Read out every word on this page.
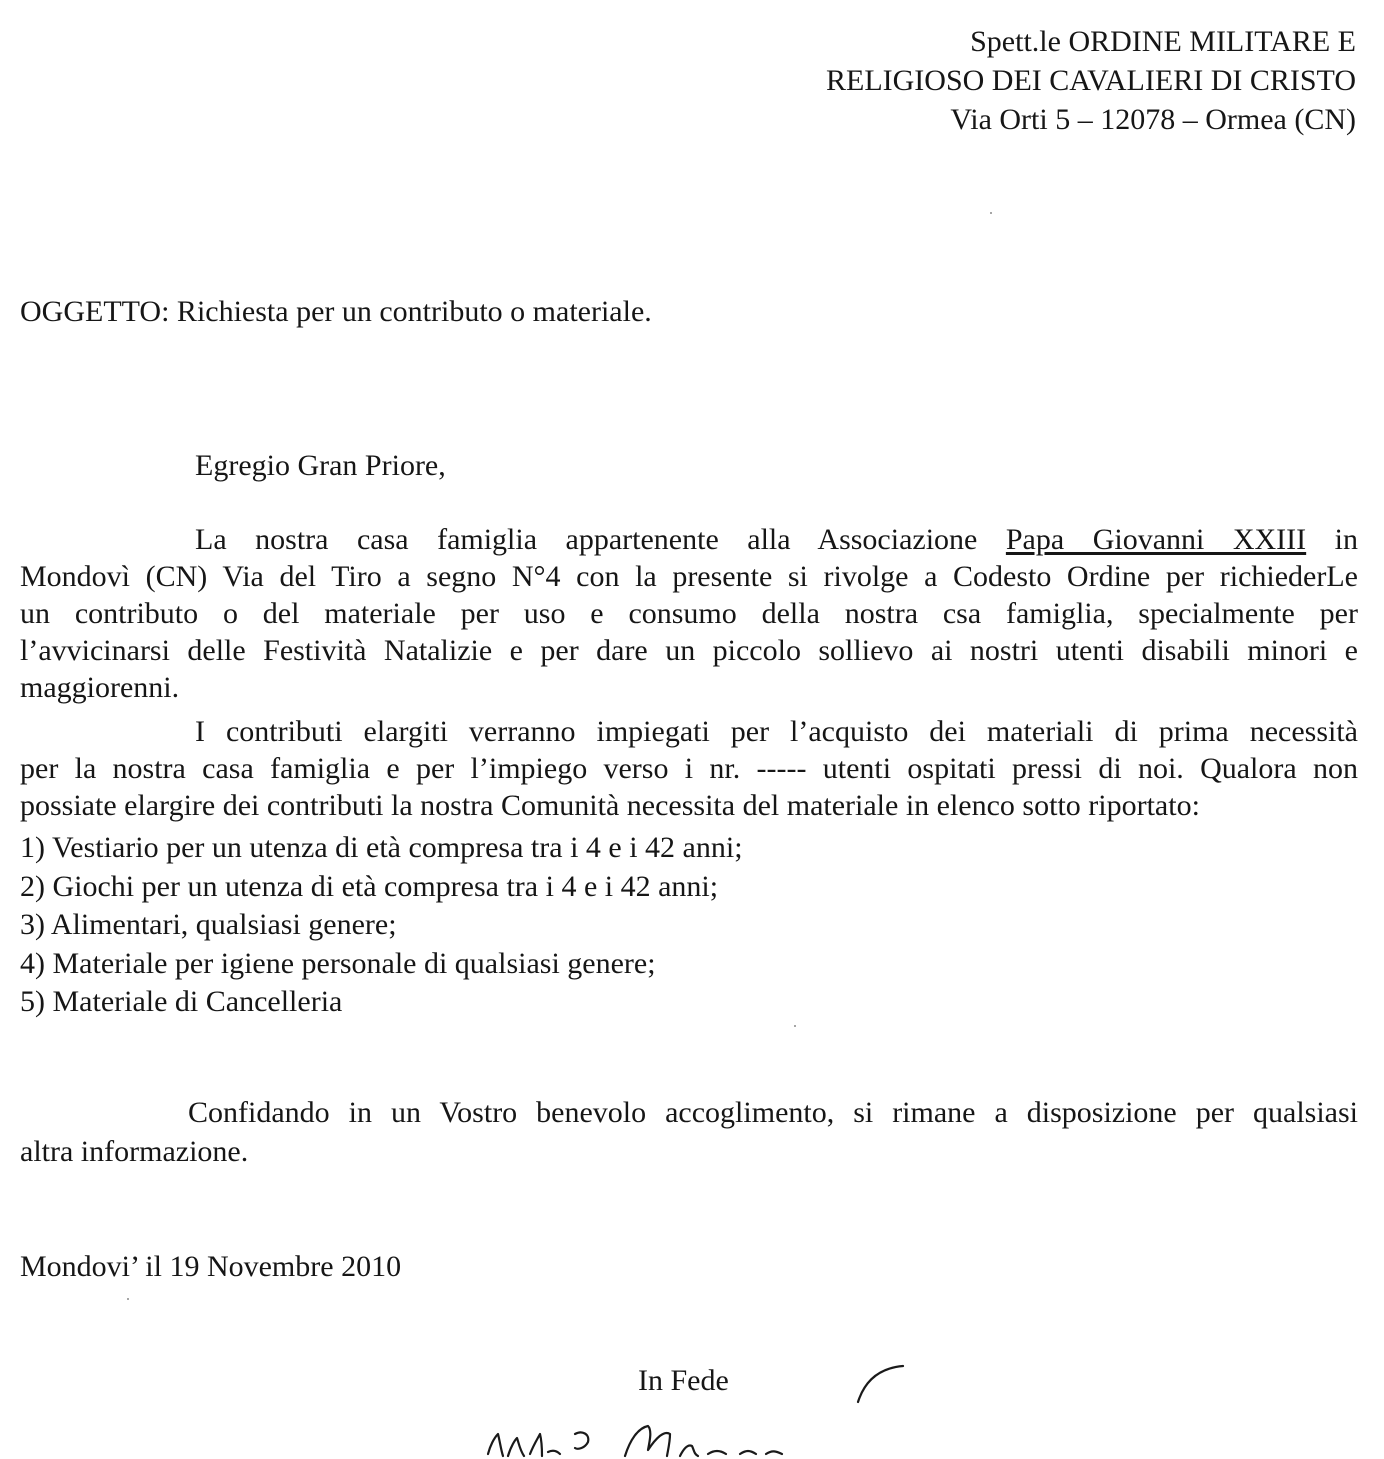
Spett.le ORDINE MILITARE E
RELIGIOSO DEI CAVALIERI DI CRISTO
Via Orti 5 – 12078 – Ormea (CN)
OGGETTO: Richiesta per un contributo o materiale.
Egregio Gran Priore,
La nostra casa famiglia appartenente alla Associazione Papa Giovanni XXIII in
Mondovì (CN) Via del Tiro a segno N°4 con la presente si rivolge a Codesto Ordine per richiederLe
un contributo o del materiale per uso e consumo della nostra csa famiglia, specialmente per
l’avvicinarsi delle Festività Natalizie e per dare un piccolo sollievo ai nostri utenti disabili minori e
maggiorenni.
I contributi elargiti verranno impiegati per l’acquisto dei materiali di prima necessità
per la nostra casa famiglia e per l’impiego verso i nr. ----- utenti ospitati pressi di noi. Qualora non
possiate elargire dei contributi la nostra Comunità necessita del materiale in elenco sotto riportato:
1) Vestiario per un utenza di età compresa tra i 4 e i 42 anni;
2) Giochi per un utenza di età compresa tra i 4 e i 42 anni;
3) Alimentari, qualsiasi genere;
4) Materiale per igiene personale di qualsiasi genere;
5) Materiale di Cancelleria
Confidando in un Vostro benevolo accoglimento, si rimane a disposizione per qualsiasi
altra informazione.
Mondovi’ il 19 Novembre 2010
In Fede
